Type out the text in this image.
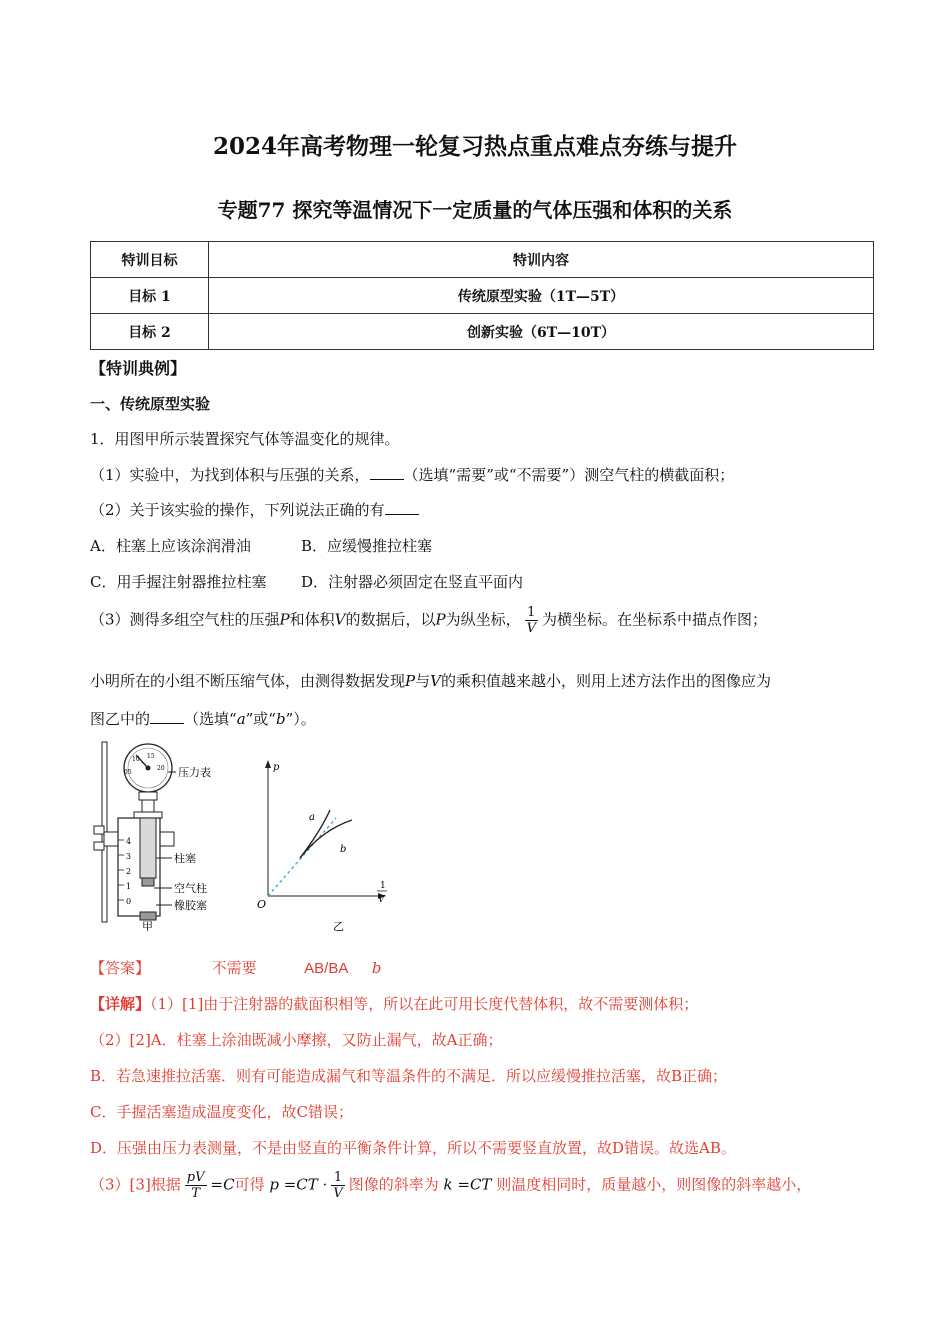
2024年高考物理一轮复习热点重点难点夯练与提升
专题77 探究等温情况下一定质量的气体压强和体积的关系
特训目标	特训内容
目标 1	传统原型实验（1T—5T）
目标 2	创新实验（6T—10T）
【特训典例】
一、传统原型实验
1．用图甲所示装置探究气体等温变化的规律。
（1）实验中，为找到体积与压强的关系， （选填“需要”或“不需要”）测空气柱的横截面积；
（2）关于该实验的操作，下列说法正确的有
A．柱塞上应该涂润滑油	B．应缓慢推拉柱塞
C．用手握注射器推拉柱塞 D．注射器必须固定在竖直平面内
（3）测得多组空气柱的压强P和体积V的数据后，以P为纵坐标， $\frac{1}{V}$ 为横坐标。在坐标系中描点作图；
小明所在的小组不断压缩气体，由测得数据发现P与V的乘积值越来越小，则用上述方法作出的图像应为
图乙中的 （选填“a”或“b”）。
05
10 15
20 压力表
4
3
2
1
0
柱塞
空气柱
橡胶塞
甲
p
a
b
1
V
O
乙
【答案】	不需要	AB/BA b
【详解】（1）[1]由于注射器的截面积相等，所以在此可用长度代替体积，故不需要测体积；
（2）[2]A．柱塞上涂油既减小摩擦，又防止漏气，故A正确；
B．若急速推拉活塞．则有可能造成漏气和等温条件的不满足．所以应缓慢推拉活塞，故B正确；
C．手握活塞造成温度变化，故C错误；
D．压强由压力表测量，不是由竖直的平衡条件计算，所以不需要竖直放置，故D错误。故选AB。
（3）[3]根据 $\frac{pV}{T} =C$可得 $p =CT \cdot \frac{1}{V}$ 图像的斜率为 k =CT 则温度相同时，质量越小，则图像的斜率越小，
